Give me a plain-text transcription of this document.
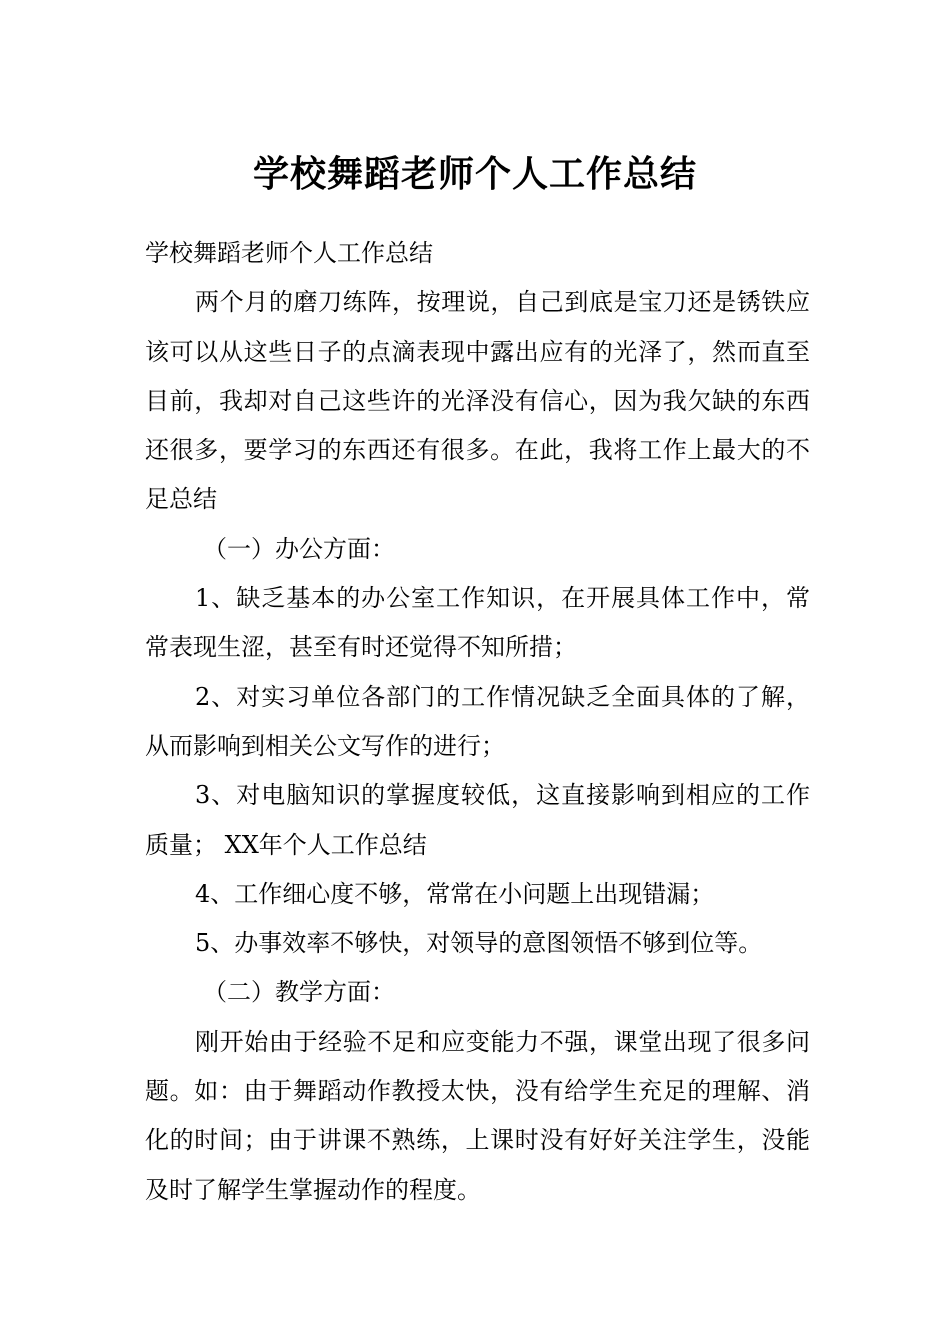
学校舞蹈老师个人工作总结

学校舞蹈老师个人工作总结

两个月的磨刀练阵，按理说，自己到底是宝刀还是锈铁应该可以从这些日子的点滴表现中露出应有的光泽了，然而直至目前，我却对自己这些许的光泽没有信心，因为我欠缺的东西还很多，要学习的东西还有很多。在此，我将工作上最大的不足总结

（一）办公方面：

1、缺乏基本的办公室工作知识，在开展具体工作中，常常表现生涩，甚至有时还觉得不知所措；

2、对实习单位各部门的工作情况缺乏全面具体的了解，从而影响到相关公文写作的进行；

3、对电脑知识的掌握度较低，这直接影响到相应的工作质量； XX年个人工作总结

4、工作细心度不够，常常在小问题上出现错漏；

5、办事效率不够快，对领导的意图领悟不够到位等。

（二）教学方面：

刚开始由于经验不足和应变能力不强，课堂出现了很多问题。如：由于舞蹈动作教授太快，没有给学生充足的理解、消化的时间；由于讲课不熟练，上课时没有好好关注学生，没能及时了解学生掌握动作的程度。
